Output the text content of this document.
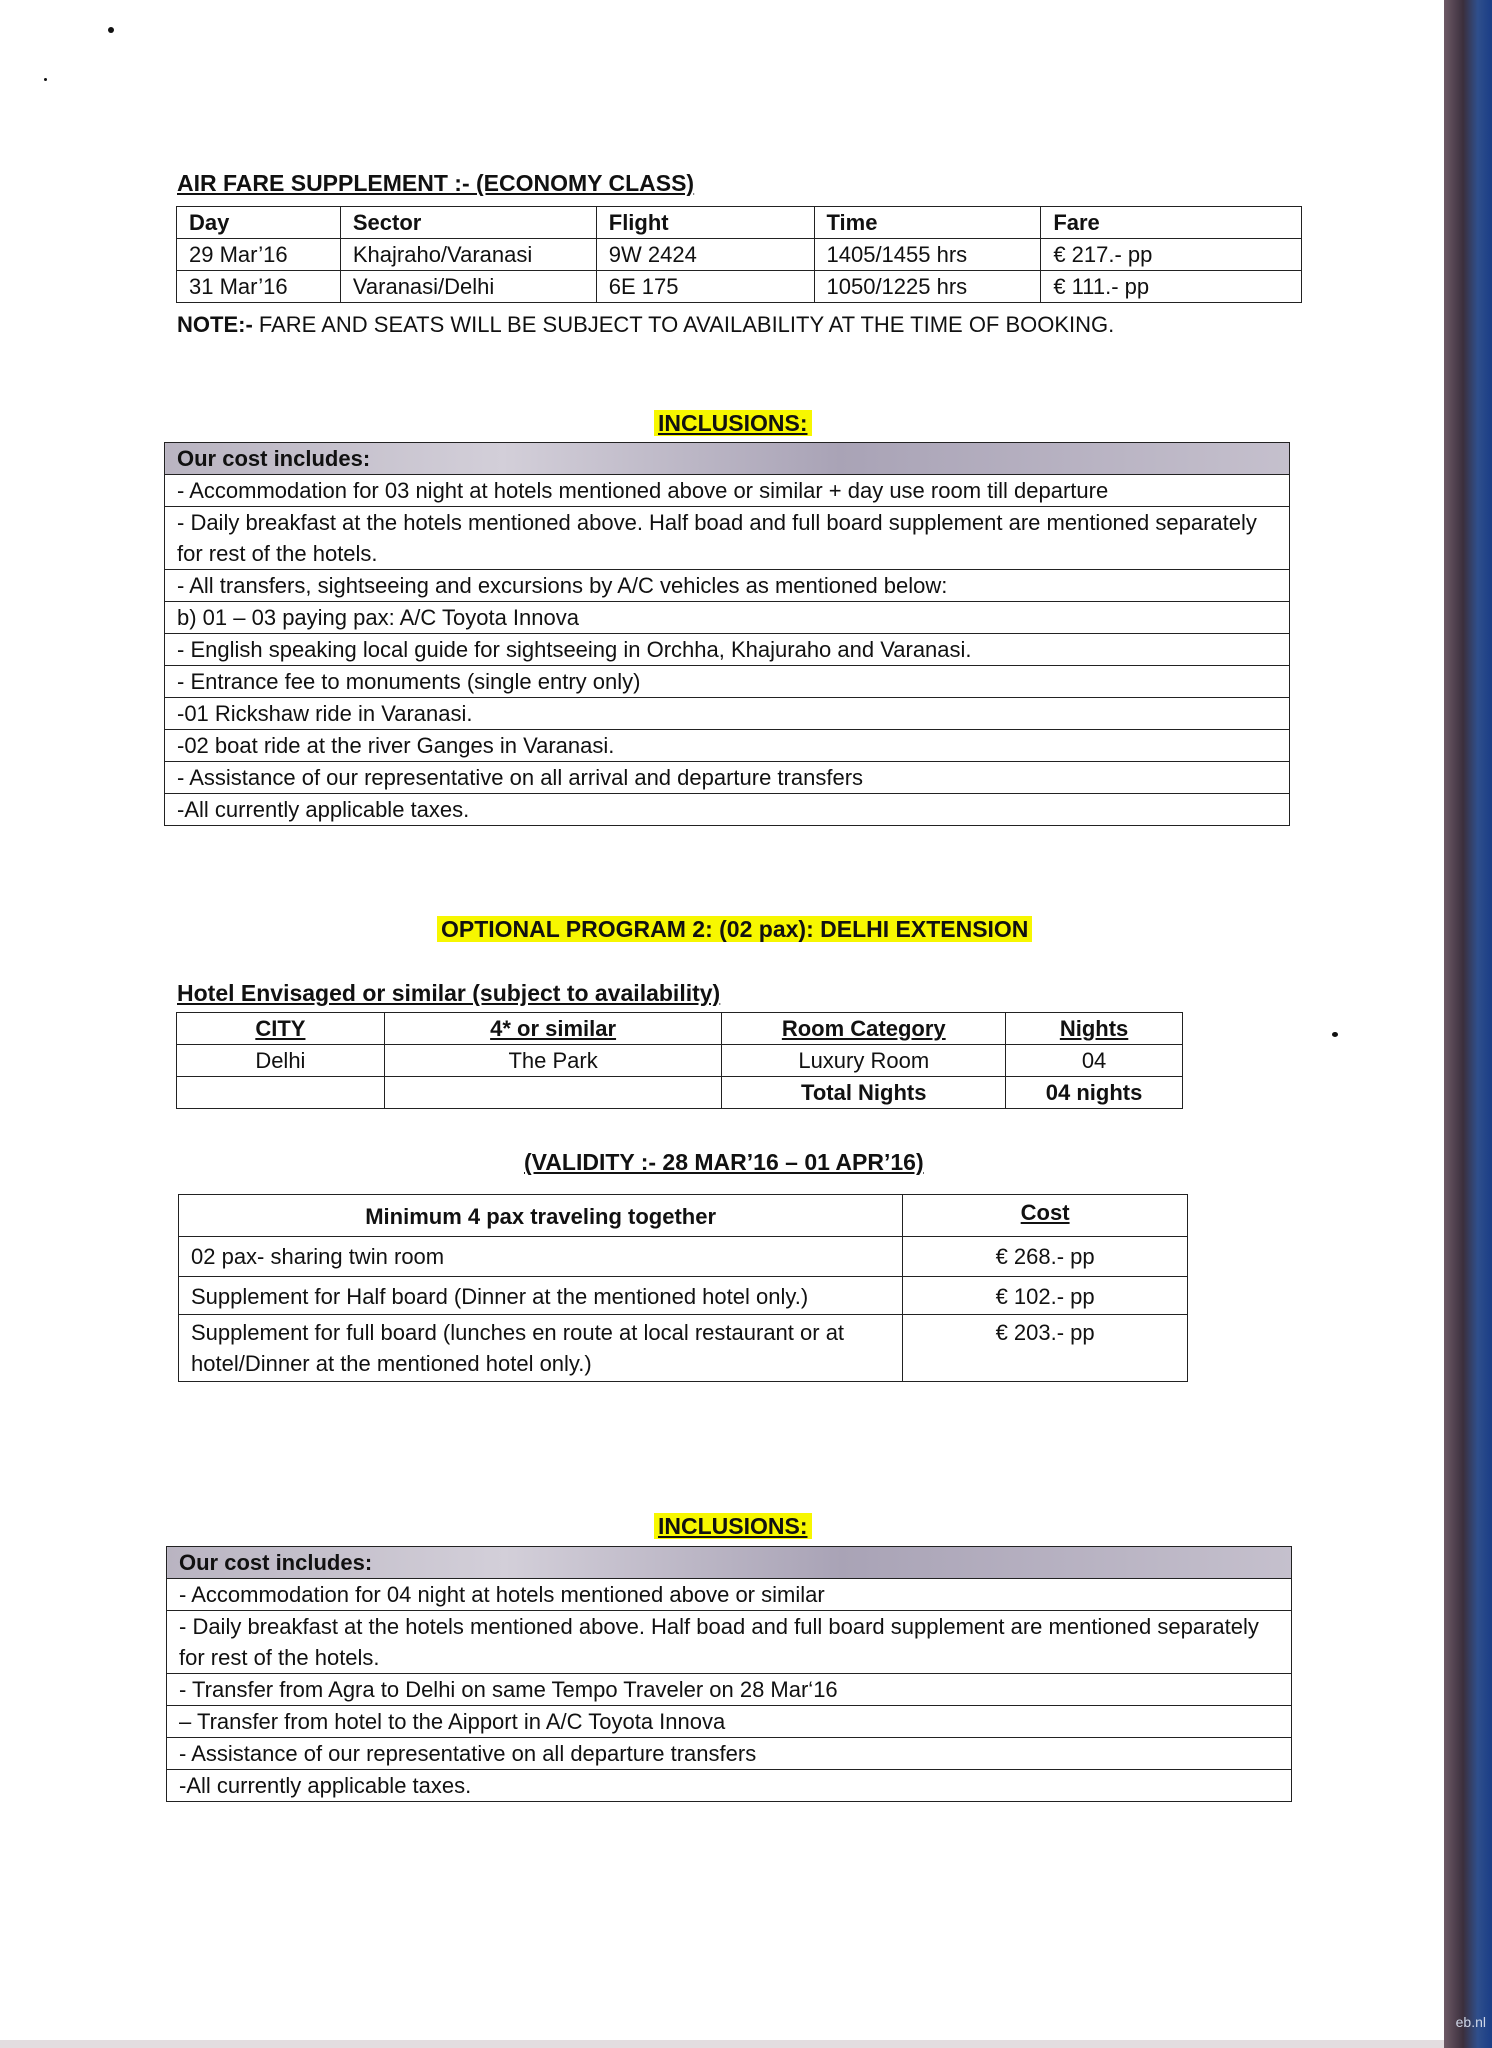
eb.nl
AIR FARE SUPPLEMENT :- (ECONOMY CLASS)
Day	Sector	Flight	Time	Fare
29 Mar’16	Khajraho/Varanasi	9W 2424	1405/1455 hrs	€ 217.- pp
31 Mar’16	Varanasi/Delhi	6E 175	1050/1225 hrs	€ 111.- pp
NOTE:- FARE AND SEATS WILL BE SUBJECT TO AVAILABILITY AT THE TIME OF BOOKING.
INCLUSIONS:
Our cost includes:
- Accommodation for 03 night at hotels mentioned above or similar + day use room till departure
- Daily breakfast at the hotels mentioned above. Half boad and full board supplement are mentioned separately for rest of the hotels.
- All transfers, sightseeing and excursions by A/C vehicles as mentioned below:
b) 01 – 03 paying pax: A/C Toyota Innova
- English speaking local guide for sightseeing in Orchha, Khajuraho and Varanasi.
- Entrance fee to monuments (single entry only)
-01 Rickshaw ride in Varanasi.
-02 boat ride at the river Ganges in Varanasi.
- Assistance of our representative on all arrival and departure transfers
-All currently applicable taxes.
OPTIONAL PROGRAM 2: (02 pax): DELHI EXTENSION
Hotel Envisaged or similar (subject to availability)
CITY	4* or similar	Room Category	Nights
Delhi	The Park	Luxury Room	04
		Total Nights	04 nights
(VALIDITY :- 28 MAR’16 – 01 APR’16)
Minimum 4 pax traveling together	Cost
02 pax- sharing twin room	€ 268.- pp
Supplement for Half board (Dinner at the mentioned hotel only.)	€ 102.- pp
Supplement for full board (lunches en route at local restaurant or at hotel/Dinner at the mentioned hotel only.)	€ 203.- pp
INCLUSIONS:
Our cost includes:
- Accommodation for 04 night at hotels mentioned above or similar
- Daily breakfast at the hotels mentioned above. Half boad and full board supplement are mentioned separately for rest of the hotels.
- Transfer from Agra to Delhi on same Tempo Traveler on 28 Mar‘16
– Transfer from hotel to the Aipport in A/C Toyota Innova
- Assistance of our representative on all departure transfers
-All currently applicable taxes.
